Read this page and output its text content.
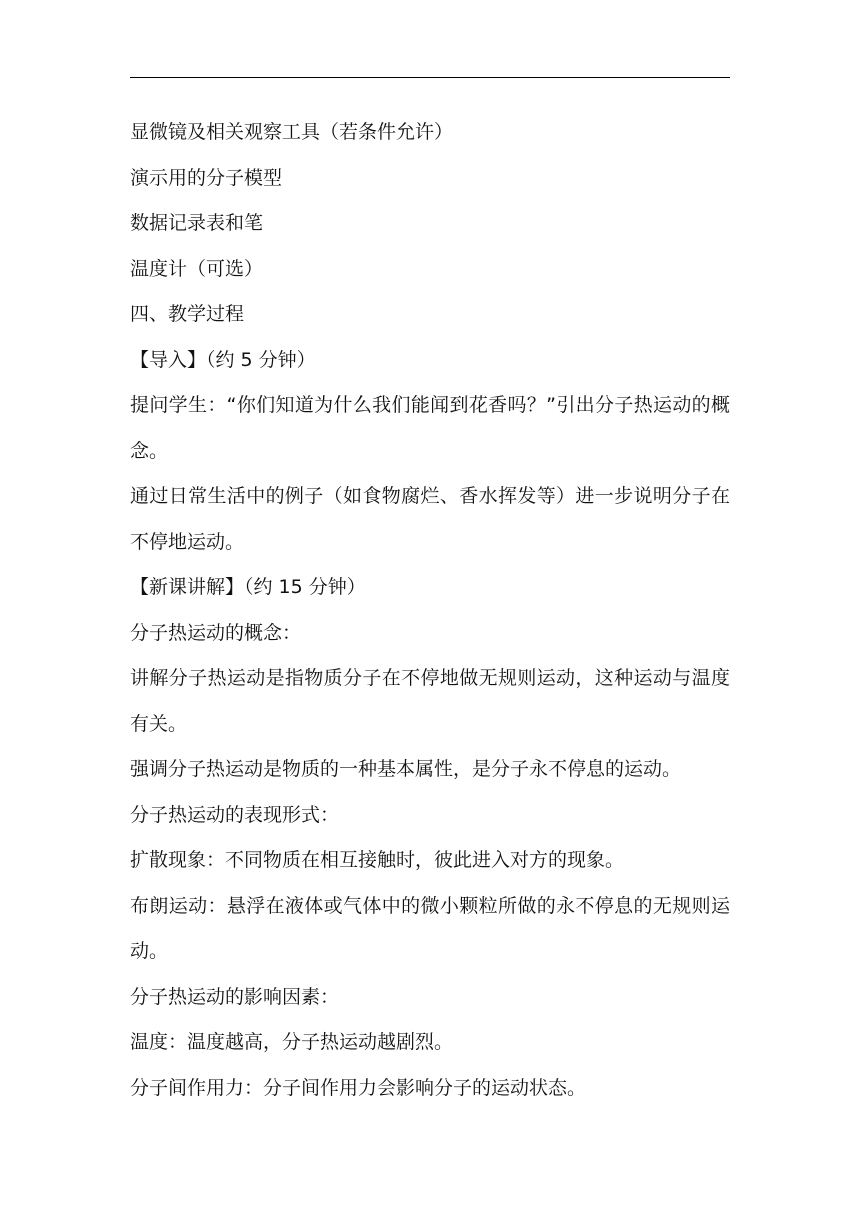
显微镜及相关观察工具（若条件允许）

演示用的分子模型

数据记录表和笔

温度计（可选）

四、教学过程

【导入】（约 5 分钟）

提问学生：“你们知道为什么我们能闻到花香吗？”引出分子热运动的概念。

通过日常生活中的例子（如食物腐烂、香水挥发等）进一步说明分子在不停地运动。

【新课讲解】（约 15 分钟）

分子热运动的概念：

讲解分子热运动是指物质分子在不停地做无规则运动，这种运动与温度有关。

强调分子热运动是物质的一种基本属性，是分子永不停息的运动。

分子热运动的表现形式：

扩散现象：不同物质在相互接触时，彼此进入对方的现象。

布朗运动：悬浮在液体或气体中的微小颗粒所做的永不停息的无规则运动。

分子热运动的影响因素：

温度：温度越高，分子热运动越剧烈。

分子间作用力：分子间作用力会影响分子的运动状态。
